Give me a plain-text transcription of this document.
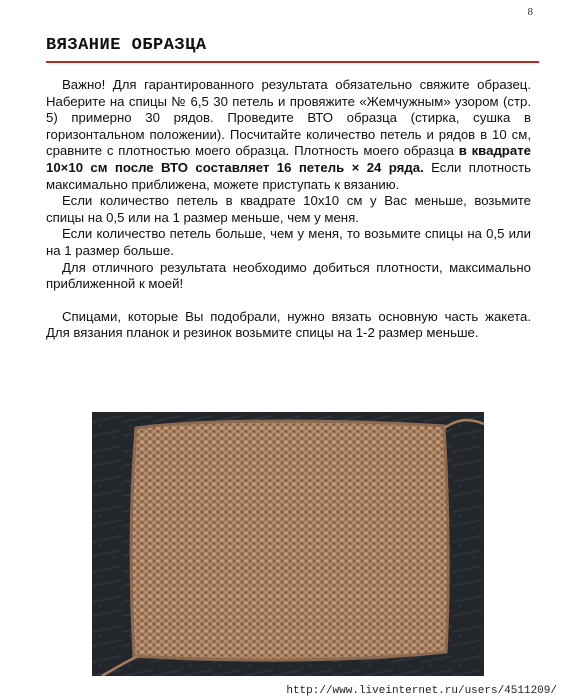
8
ВЯЗАНИЕ ОБРАЗЦА

Важно! Для гарантированного результата обязательно свяжите образец. Наберите на спицы № 6,5 30 петель и провяжите «Жемчужным» узором (стр. 5) примерно 30 рядов. Проведите ВТО образца (стирка, сушка в горизонтальном положении). Посчитайте количество петель и рядов в 10 см, сравните с плотностью моего образца. Плотность моего образца в квадрате 10×10 см после ВТО составляет 16 петель × 24 ряда. Если плотность максимально приближена, можете приступать к вязанию.

Если количество петель в квадрате 10х10 см у Вас меньше, возьмите спицы на 0,5 или на 1 размер меньше, чем у меня.

Если количество петель больше, чем у меня, то возьмите спицы на 0,5 или на 1 размер больше.

Для отличного результата необходимо добиться плотности, максимально приближенной к моей!

Спицами, которые Вы подобрали, нужно вязать основную часть жакета. Для вязания планок и резинок возьмите спицы на 1-2 размер меньше.

http://www.liveinternet.ru/users/4511209/
